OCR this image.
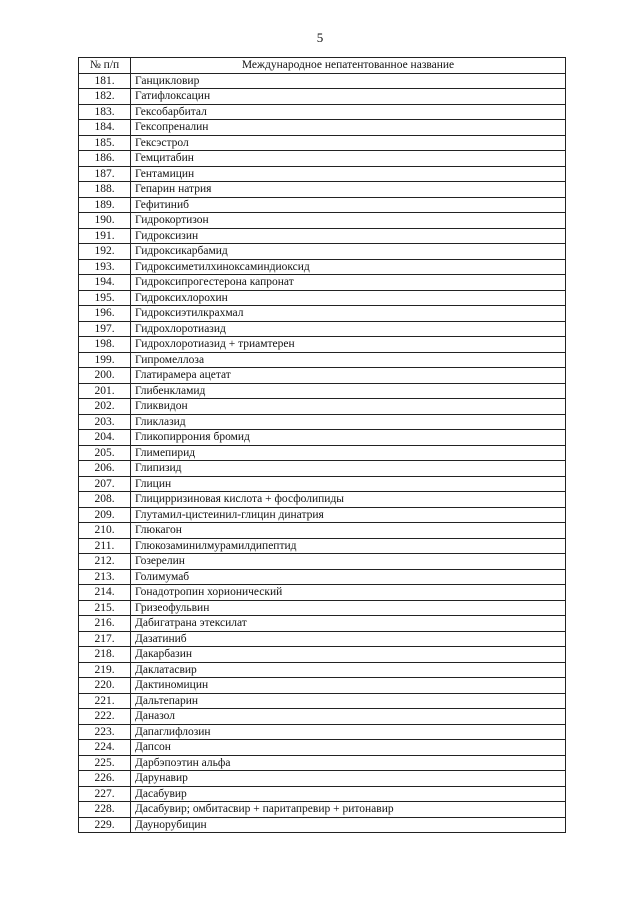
5
№ п/п	Международное непатентованное название
181.	Ганцикловир
182.	Гатифлоксацин
183.	Гексобарбитал
184.	Гексопреналин
185.	Гексэстрол
186.	Гемцитабин
187.	Гентамицин
188.	Гепарин натрия
189.	Гефитиниб
190.	Гидрокортизон
191.	Гидроксизин
192.	Гидроксикарбамид
193.	Гидроксиметилхиноксаминдиоксид
194.	Гидроксипрогестерона капронат
195.	Гидроксихлорохин
196.	Гидроксиэтилкрахмал
197.	Гидрохлоротиазид
198.	Гидрохлоротиазид + триамтерен
199.	Гипромеллоза
200.	Глатирамера ацетат
201.	Глибенкламид
202.	Гликвидон
203.	Гликлазид
204.	Гликопиррония бромид
205.	Глимепирид
206.	Глипизид
207.	Глицин
208.	Глицирризиновая кислота + фосфолипиды
209.	Глутамил-цистеинил-глицин динатрия
210.	Глюкагон
211.	Глюкозаминилмурамилдипептид
212.	Гозерелин
213.	Голимумаб
214.	Гонадотропин хорионический
215.	Гризеофульвин
216.	Дабигатрана этексилат
217.	Дазатиниб
218.	Дакарбазин
219.	Даклатасвир
220.	Дактиномицин
221.	Дальтепарин
222.	Даназол
223.	Дапаглифлозин
224.	Дапсон
225.	Дарбэпоэтин альфа
226.	Дарунавир
227.	Дасабувир
228.	Дасабувир; омбитасвир + паритапревир + ритонавир
229.	Даунорубицин
